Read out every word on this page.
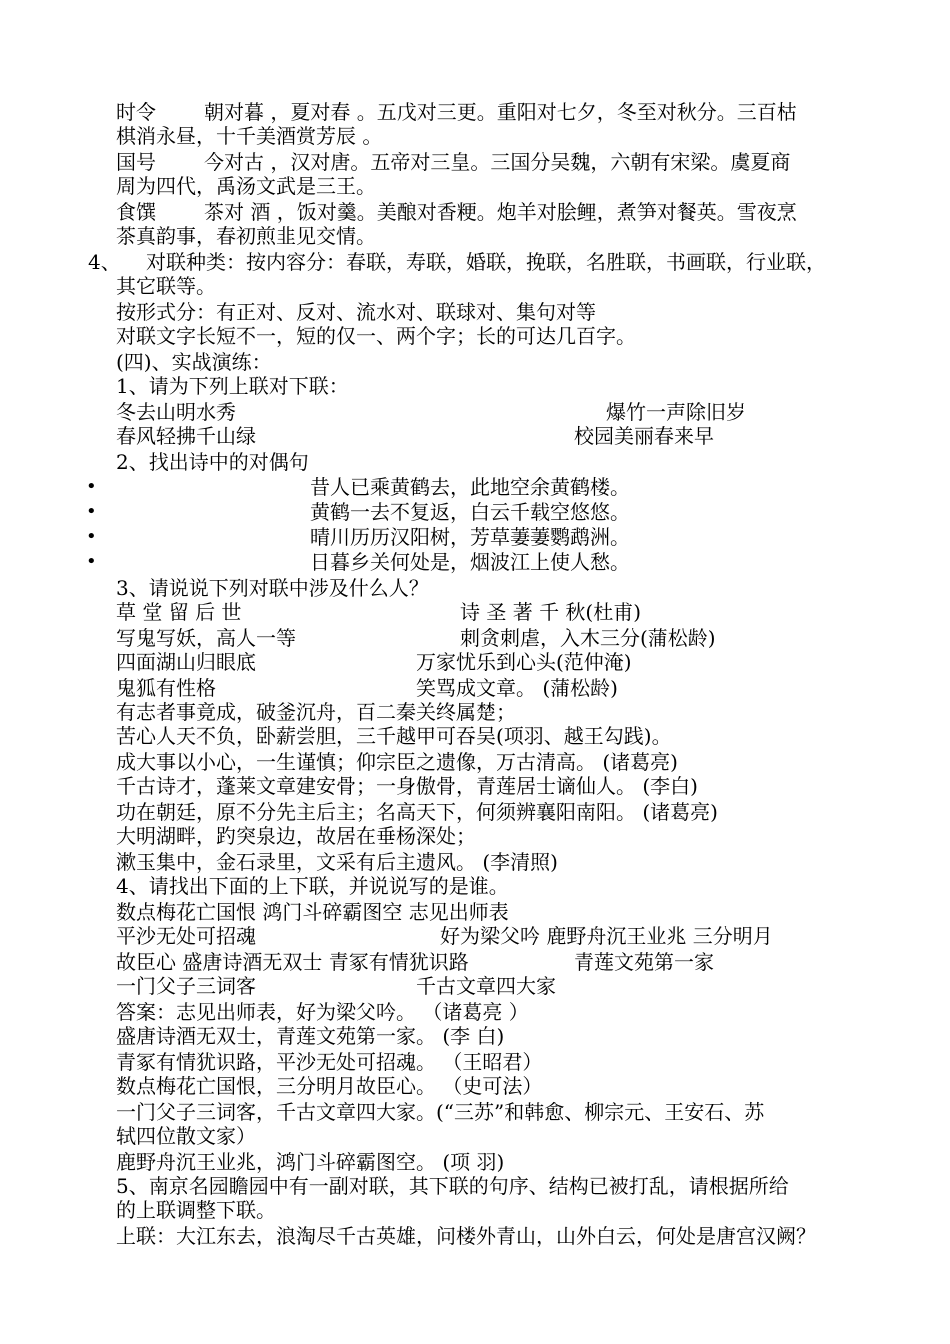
时令 朝对暮 ，夏对春 。五戊对三更。重阳对七夕，冬至对秋分。三百枯
棋消永昼，十千美酒赏芳辰 。
国号 今对古 ，汉对唐。五帝对三皇。三国分吴魏，六朝有宋梁。虞夏商
周为四代，禹汤文武是三王。
食馔 茶对 酒 ，饭对羹。美酿对香粳。炮羊对脍鲤，煮笋对餐英。雪夜烹
茶真韵事，春初煎韭见交情。
4、 对联种类：按内容分：春联，寿联，婚联，挽联，名胜联，书画联，行业联，
其它联等。
按形式分：有正对、反对、流水对、联球对、集句对等
对联文字长短不一，短的仅一、两个字；长的可达几百字。
(四)、实战演练：
1、请为下列上联对下联：
冬去山明水秀	爆竹一声除旧岁
春风轻拂千山绿	校园美丽春来早
2、找出诗中的对偶句
•	昔人已乘黄鹤去，此地空余黄鹤楼。
•	黄鹤一去不复返，白云千载空悠悠。
•	晴川历历汉阳树，芳草萋萋鹦鹉洲。
•	日暮乡关何处是，烟波江上使人愁。
3、请说说下列对联中涉及什么人？
草 堂 留 后 世	诗 圣 著 千 秋(杜甫)
写鬼写妖，高人一等	刺贪刺虐，入木三分(蒲松龄)
四面湖山归眼底	万家忧乐到心头(范仲淹)
鬼狐有性格	笑骂成文章。 (蒲松龄)
有志者事竟成，破釜沉舟，百二秦关终属楚；
苦心人天不负，卧薪尝胆，三千越甲可吞吴(项羽、越王勾践)。
成大事以小心，一生谨慎；仰宗臣之遗像，万古清高。 (诸葛亮)
千古诗才，蓬莱文章建安骨；一身傲骨，青莲居士谪仙人。 (李白)
功在朝廷，原不分先主后主；名高天下，何须辨襄阳南阳。 (诸葛亮)
大明湖畔，趵突泉边，故居在垂杨深处；
漱玉集中，金石录里，文采有后主遗风。 (李清照)
4、请找出下面的上下联，并说说写的是谁。
数点梅花亡国恨 鸿门斗碎霸图空 志见出师表
平沙无处可招魂	好为梁父吟 鹿野舟沉王业兆 三分明月
故臣心 盛唐诗酒无双士 青冢有情犹识路	青莲文苑第一家
一门父子三词客	千古文章四大家
答案：志见出师表，好为梁父吟。 （诸葛亮 ）
盛唐诗酒无双士，青莲文苑第一家。 (李 白)
青冢有情犹识路，平沙无处可招魂。 （王昭君）
数点梅花亡国恨，三分明月故臣心。 （史可法）
一门父子三词客，千古文章四大家。(“三苏”和韩愈、柳宗元、王安石、苏
轼四位散文家）
鹿野舟沉王业兆，鸿门斗碎霸图空。 (项 羽)
5、南京名园瞻园中有一副对联，其下联的句序、结构已被打乱，请根据所给
的上联调整下联。
上联：大江东去，浪淘尽千古英雄，问楼外青山，山外白云，何处是唐宫汉阙？
